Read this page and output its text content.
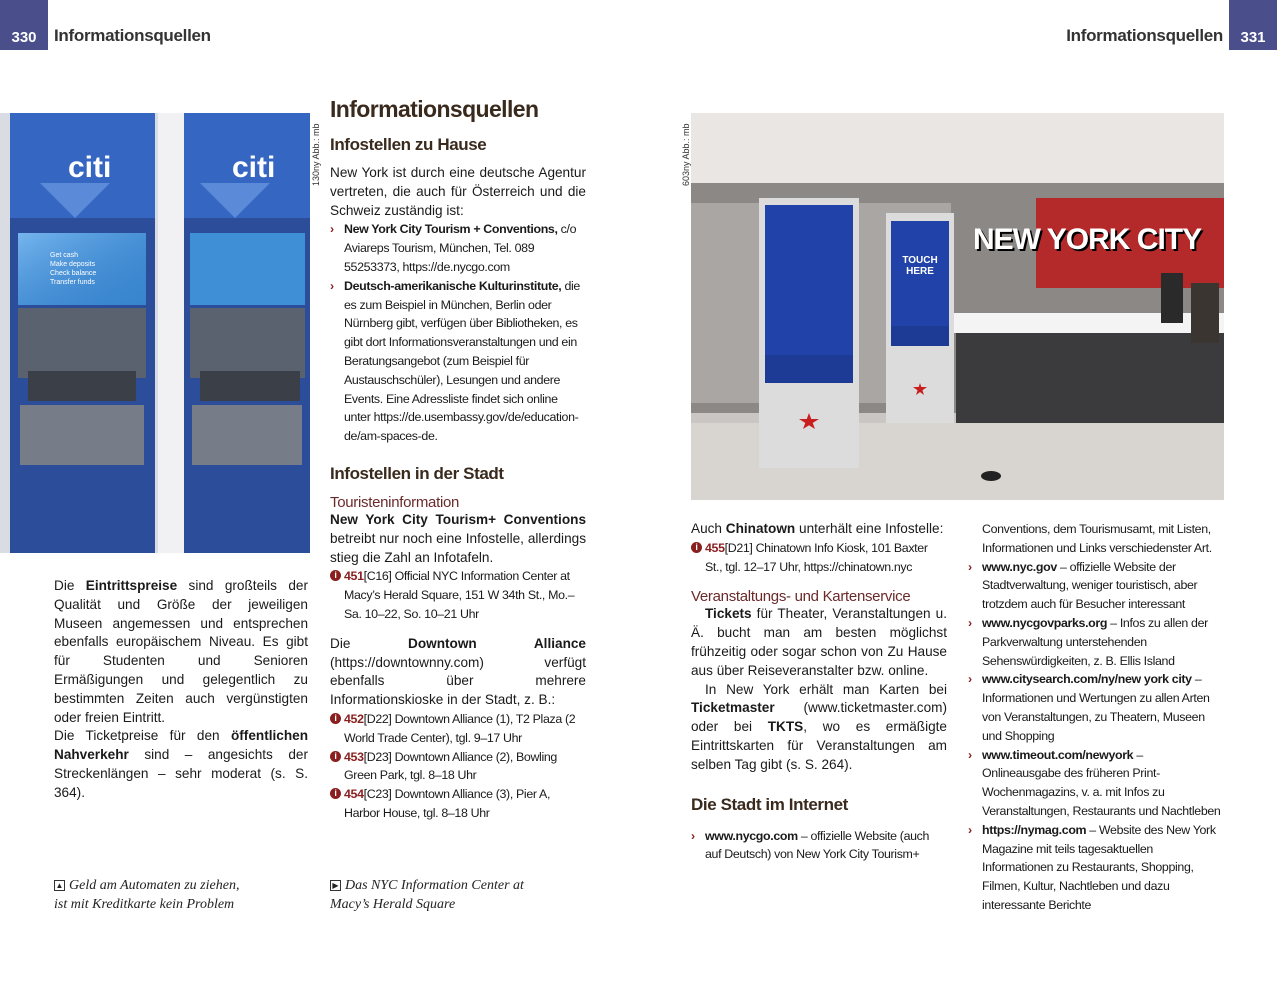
330	Informationsquellen	Informationsquellen	331
citi	citi
Get cash
Make deposits
Check balance
Transfer funds
130ny Abb.: mb

Die Eintrittspreise sind großteils der Qualität und Größe der jeweiligen Museen angemessen und entsprechen ebenfalls europäischem Niveau. Es gibt für Studenten und Senioren Ermäßigungen und gelegentlich zu bestimmten Zeiten auch vergünstigten oder freien Eintritt.

Die Ticketpreise für den öffentlichen Nahverkehr sind – angesichts der Streckenlängen – sehr moderat (s. S. 364).

▲ Geld am Automaten zu ziehen,
ist mit Kreditkarte kein Problem
Informationsquellen
Infostellen zu Hause

New York ist durch eine deutsche Agentur vertreten, die auch für Österreich und die Schweiz zuständig ist:

› New York City Tourism + Conventions, c/o Aviareps Tourism, München, Tel. 089 55253373, https://de.nycgo.com
› Deutsch-amerikanische Kulturinstitute, die es zum Beispiel in München, Berlin oder Nürnberg gibt, verfügen über Bibliotheken, es gibt dort Informationsveranstaltungen und ein Beratungsangebot (zum Beispiel für Austauschschüler), Lesungen und andere Events. Eine Adressliste findet sich online unter https://de.usembassy.gov/de/education-de/am-spaces-de.
Infostellen in der Stadt
Touristeninformation

New York City Tourism+ Conventions betreibt nur noch eine Infostelle, allerdings stieg die Zahl an Infotafeln.

i 451[C16] Official NYC Information Center at Macy’s Herald Square, 151 W 34th St., Mo.–Sa. 10–22, So. 10–21 Uhr

Die Downtown Alliance (https://downtownny.com) verfügt ebenfalls über mehrere Informationskioske in der Stadt, z. B.:

i 452[D22] Downtown Alliance (1), T2 Plaza (2 World Trade Center), tgl. 9–17 Uhr
i 453[D23] Downtown Alliance (2), Bowling Green Park, tgl. 8–18 Uhr
i 454[C23] Downtown Alliance (3), Pier A, Harbor House, tgl. 8–18 Uhr
▶ Das NYC Information Center at
Macy’s Herald Square
603ny Abb.: mb
NEW YORK CITY
TOUCH HERE

Auch Chinatown unterhält eine Infostelle:

i 455[D21] Chinatown Info Kiosk, 101 Baxter St., tgl. 12–17 Uhr, https://chinatown.nyc
Veranstaltungs- und Kartenservice

Tickets für Theater, Veranstaltungen u. Ä. bucht man am besten möglichst frühzeitig oder sogar schon von Zu Hause aus über Reiseveranstalter bzw. online.

In New York erhält man Karten bei Ticketmaster (www.ticketmaster.com) oder bei TKTS, wo es ermäßigte Eintrittskarten für Veranstaltungen am selben Tag gibt (s. S. 264).

Die Stadt im Internet
› www.nycgo.com – offizielle Website (auch auf Deutsch) von New York City Tourism+
Conventions, dem Tourismusamt, mit Listen, Informationen und Links verschiedenster Art.
› www.nyc.gov – offizielle Website der Stadtverwaltung, weniger touristisch, aber trotzdem auch für Besucher interessant
› www.nycgovparks.org – Infos zu allen der Parkverwaltung unterstehenden Sehenswürdigkeiten, z. B. Ellis Island
› www.citysearch.com/ny/new york city – Informationen und Wertungen zu allen Arten von Veranstaltungen, zu Theatern, Museen und Shopping
› www.timeout.com/newyork – Onlineausgabe des früheren Print-Wochenmagazins, v. a. mit Infos zu Veranstaltungen, Restaurants und Nachtleben
› https://nymag.com – Website des New York Magazine mit teils tagesaktuellen Informationen zu Restaurants, Shopping, Filmen, Kultur, Nachtleben und dazu interessante Berichte
